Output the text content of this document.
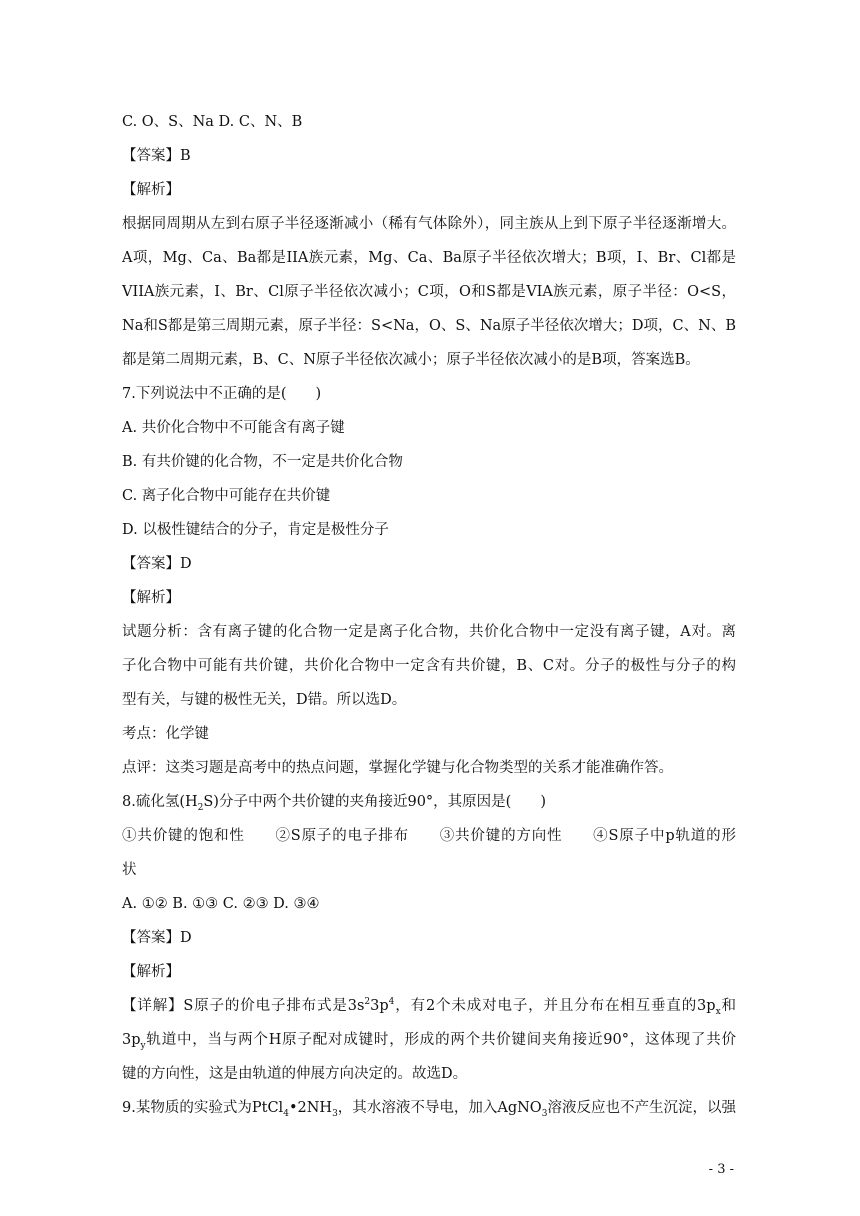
C. O、S、Na D. C、N、B
【答案】B
【解析】
根据同周期从左到右原子半径逐渐减小（稀有气体除外），同主族从上到下原子半径逐渐增大。
A项，Mg、Ca、Ba都是IIA族元素，Mg、Ca、Ba原子半径依次增大；B项，I、Br、Cl都是
VIIA族元素，I、Br、Cl原子半径依次减小；C项，O和S都是VIA族元素，原子半径：O<S，
Na和S都是第三周期元素，原子半径：S<Na，O、S、Na原子半径依次增大；D项，C、N、B
都是第二周期元素，B、C、N原子半径依次减小；原子半径依次减小的是B项，答案选B。
7.下列说法中不正确的是(　　)
A. 共价化合物中不可能含有离子键
B. 有共价键的化合物，不一定是共价化合物
C. 离子化合物中可能存在共价键
D. 以极性键结合的分子，肯定是极性分子
【答案】D
【解析】
试题分析：含有离子键的化合物一定是离子化合物，共价化合物中一定没有离子键，A对。离
子化合物中可能有共价键，共价化合物中一定含有共价键，B、C对。分子的极性与分子的构
型有关，与键的极性无关，D错。所以选D。
考点：化学键
点评：这类习题是高考中的热点问题，掌握化学键与化合物类型的关系才能准确作答。
8.硫化氢$(H_2S)$分子中两个共价键的夹角接近90°，其原因是(　　)
①共价键的饱和性　　②S原子的电子排布　　③共价键的方向性　　④S原子中p轨道的形
状
A. ①② B. ①③ C. ②③ D. ③④
【答案】D
【解析】
【详解】S原子的价电子排布式是$3s^23p^4$，有2个未成对电子，并且分布在相互垂直的$3p_x$和
$3p_y$轨道中，当与两个H原子配对成键时，形成的两个共价键间夹角接近90°，这体现了共价
键的方向性，这是由轨道的伸展方向决定的。故选D。
9.某物质的实验式为$PtCl_4•2NH_3$，其水溶液不导电，加入AgNO$_3$溶液反应也不产生沉淀，以强
- 3 -
